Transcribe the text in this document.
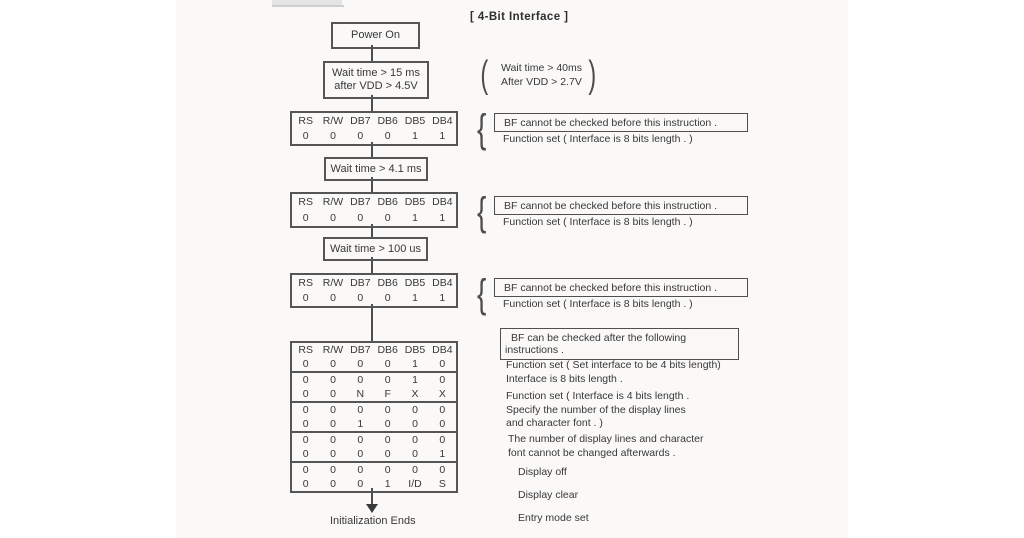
[ 4-Bit Interface ]
Power On
Wait time > 15 ms
after VDD > 4.5V ( Wait time > 40ms
After VDD > 2.7V )
RS R/W DB7 DB6 DB5 DB4
0	0	0	0	1	1 { BF cannot be checked before this instruction .
Function set ( Interface is 8 bits length . )
Wait time > 4.1 ms
RS R/W DB7 DB6 DB5 DB4
0	0	0	0	1	1 { BF cannot be checked before this instruction .
Function set ( Interface is 8 bits length . )
Wait time > 100 us
RS R/W DB7 DB6 DB5 DB4
0	0	0	0	1	1 { BF cannot be checked before this instruction .
Function set ( Interface is 8 bits length . )
RS R/W DB7 DB6 DB5 DB4
0	0	0	0	1	0
0	0	0	0	1	0
0	0	N	F	X	X
0	0	0	0	0	0
0	0	1	0	0	0
0	0	0	0	0	0
0	0	0	0	0	1
0	0	0	0	0	0
0	0	0	1	I/D	S
BF can be checked after the following
instructions .
Function set ( Set interface to be 4 bits length)
Interface is 8 bits length .
Function set ( Interface is 4 bits length .
Specify the number of the display lines
and character font . )
The number of display lines and character
font cannot be changed afterwards .
Display off
Display clear
Entry mode set
Initialization Ends
